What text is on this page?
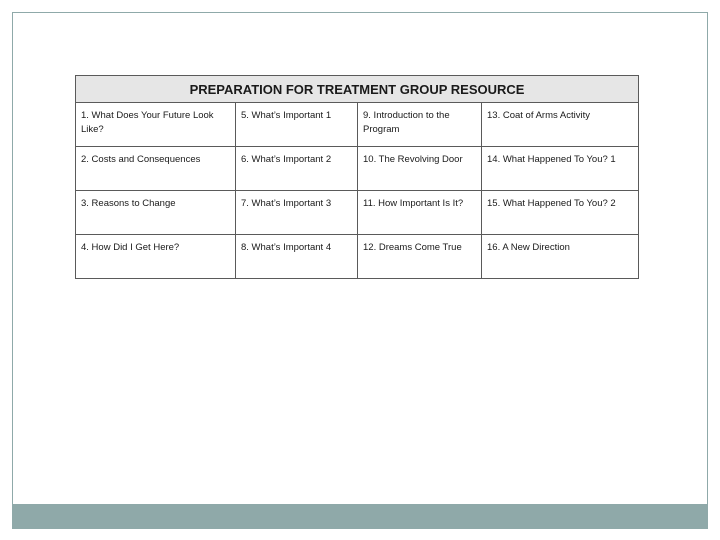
PREPARATION FOR TREATMENT GROUP RESOURCE			
1. What Does Your Future Look Like?	5. What’s Important 1	9. Introduction to the Program	13. Coat of Arms Activity
2. Costs and Consequences	6. What’s Important 2	10. The Revolving Door	14. What Happened To You? 1
3. Reasons to Change	7. What’s Important 3	11. How Important Is It?	15. What Happened To You? 2
4. How Did I Get Here?	8. What’s Important 4	12. Dreams Come True	16. A New Direction
